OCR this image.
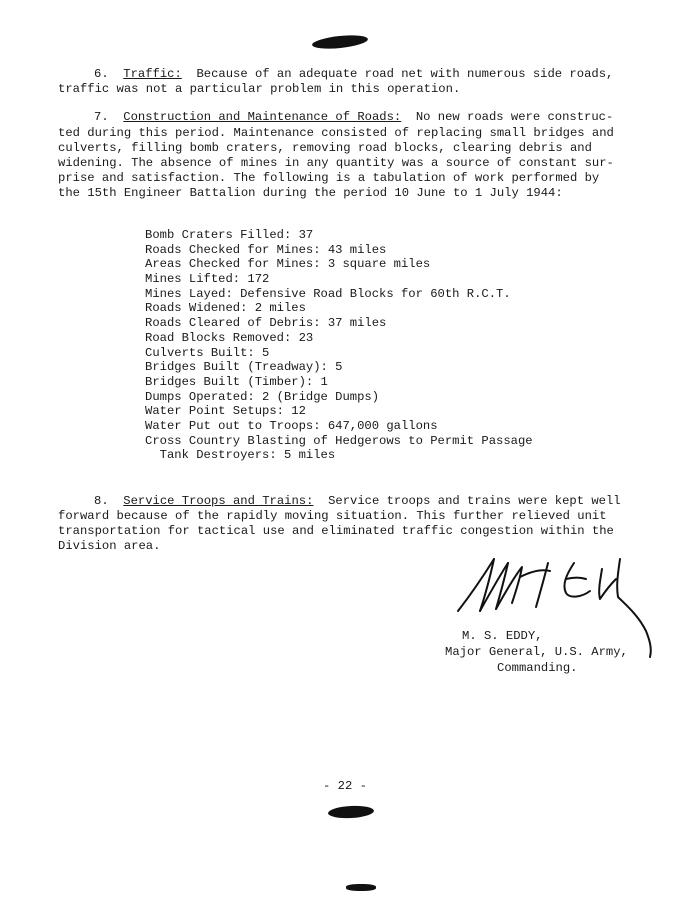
6. Traffic: Because of an adequate road net with numerous side roads,
traffic was not a particular problem in this operation.
7. Construction and Maintenance of Roads: No new roads were construc-
ted during this period. Maintenance consisted of replacing small bridges and
culverts, filling bomb craters, removing road blocks, clearing debris and
widening. The absence of mines in any quantity was a source of constant sur-
prise and satisfaction. The following is a tabulation of work performed by
the 15th Engineer Battalion during the period 10 June to 1 July 1944:
Bomb Craters Filled: 37
Roads Checked for Mines: 43 miles
Areas Checked for Mines: 3 square miles
Mines Lifted: 172
Mines Layed: Defensive Road Blocks for 60th R.C.T.
Roads Widened: 2 miles
Roads Cleared of Debris: 37 miles
Road Blocks Removed: 23
Culverts Built: 5
Bridges Built (Treadway): 5
Bridges Built (Timber): 1
Dumps Operated: 2 (Bridge Dumps)
Water Point Setups: 12
Water Put out to Troops: 647,000 gallons
Cross Country Blasting of Hedgerows to Permit Passage
Tank Destroyers: 5 miles
8. Service Troops and Trains: Service troops and trains were kept well
forward because of the rapidly moving situation. This further relieved unit
transportation for tactical use and eliminated traffic congestion within the
Division area.
M. S. EDDY,
Major General, U.S. Army,
Commanding.
- 22 -
